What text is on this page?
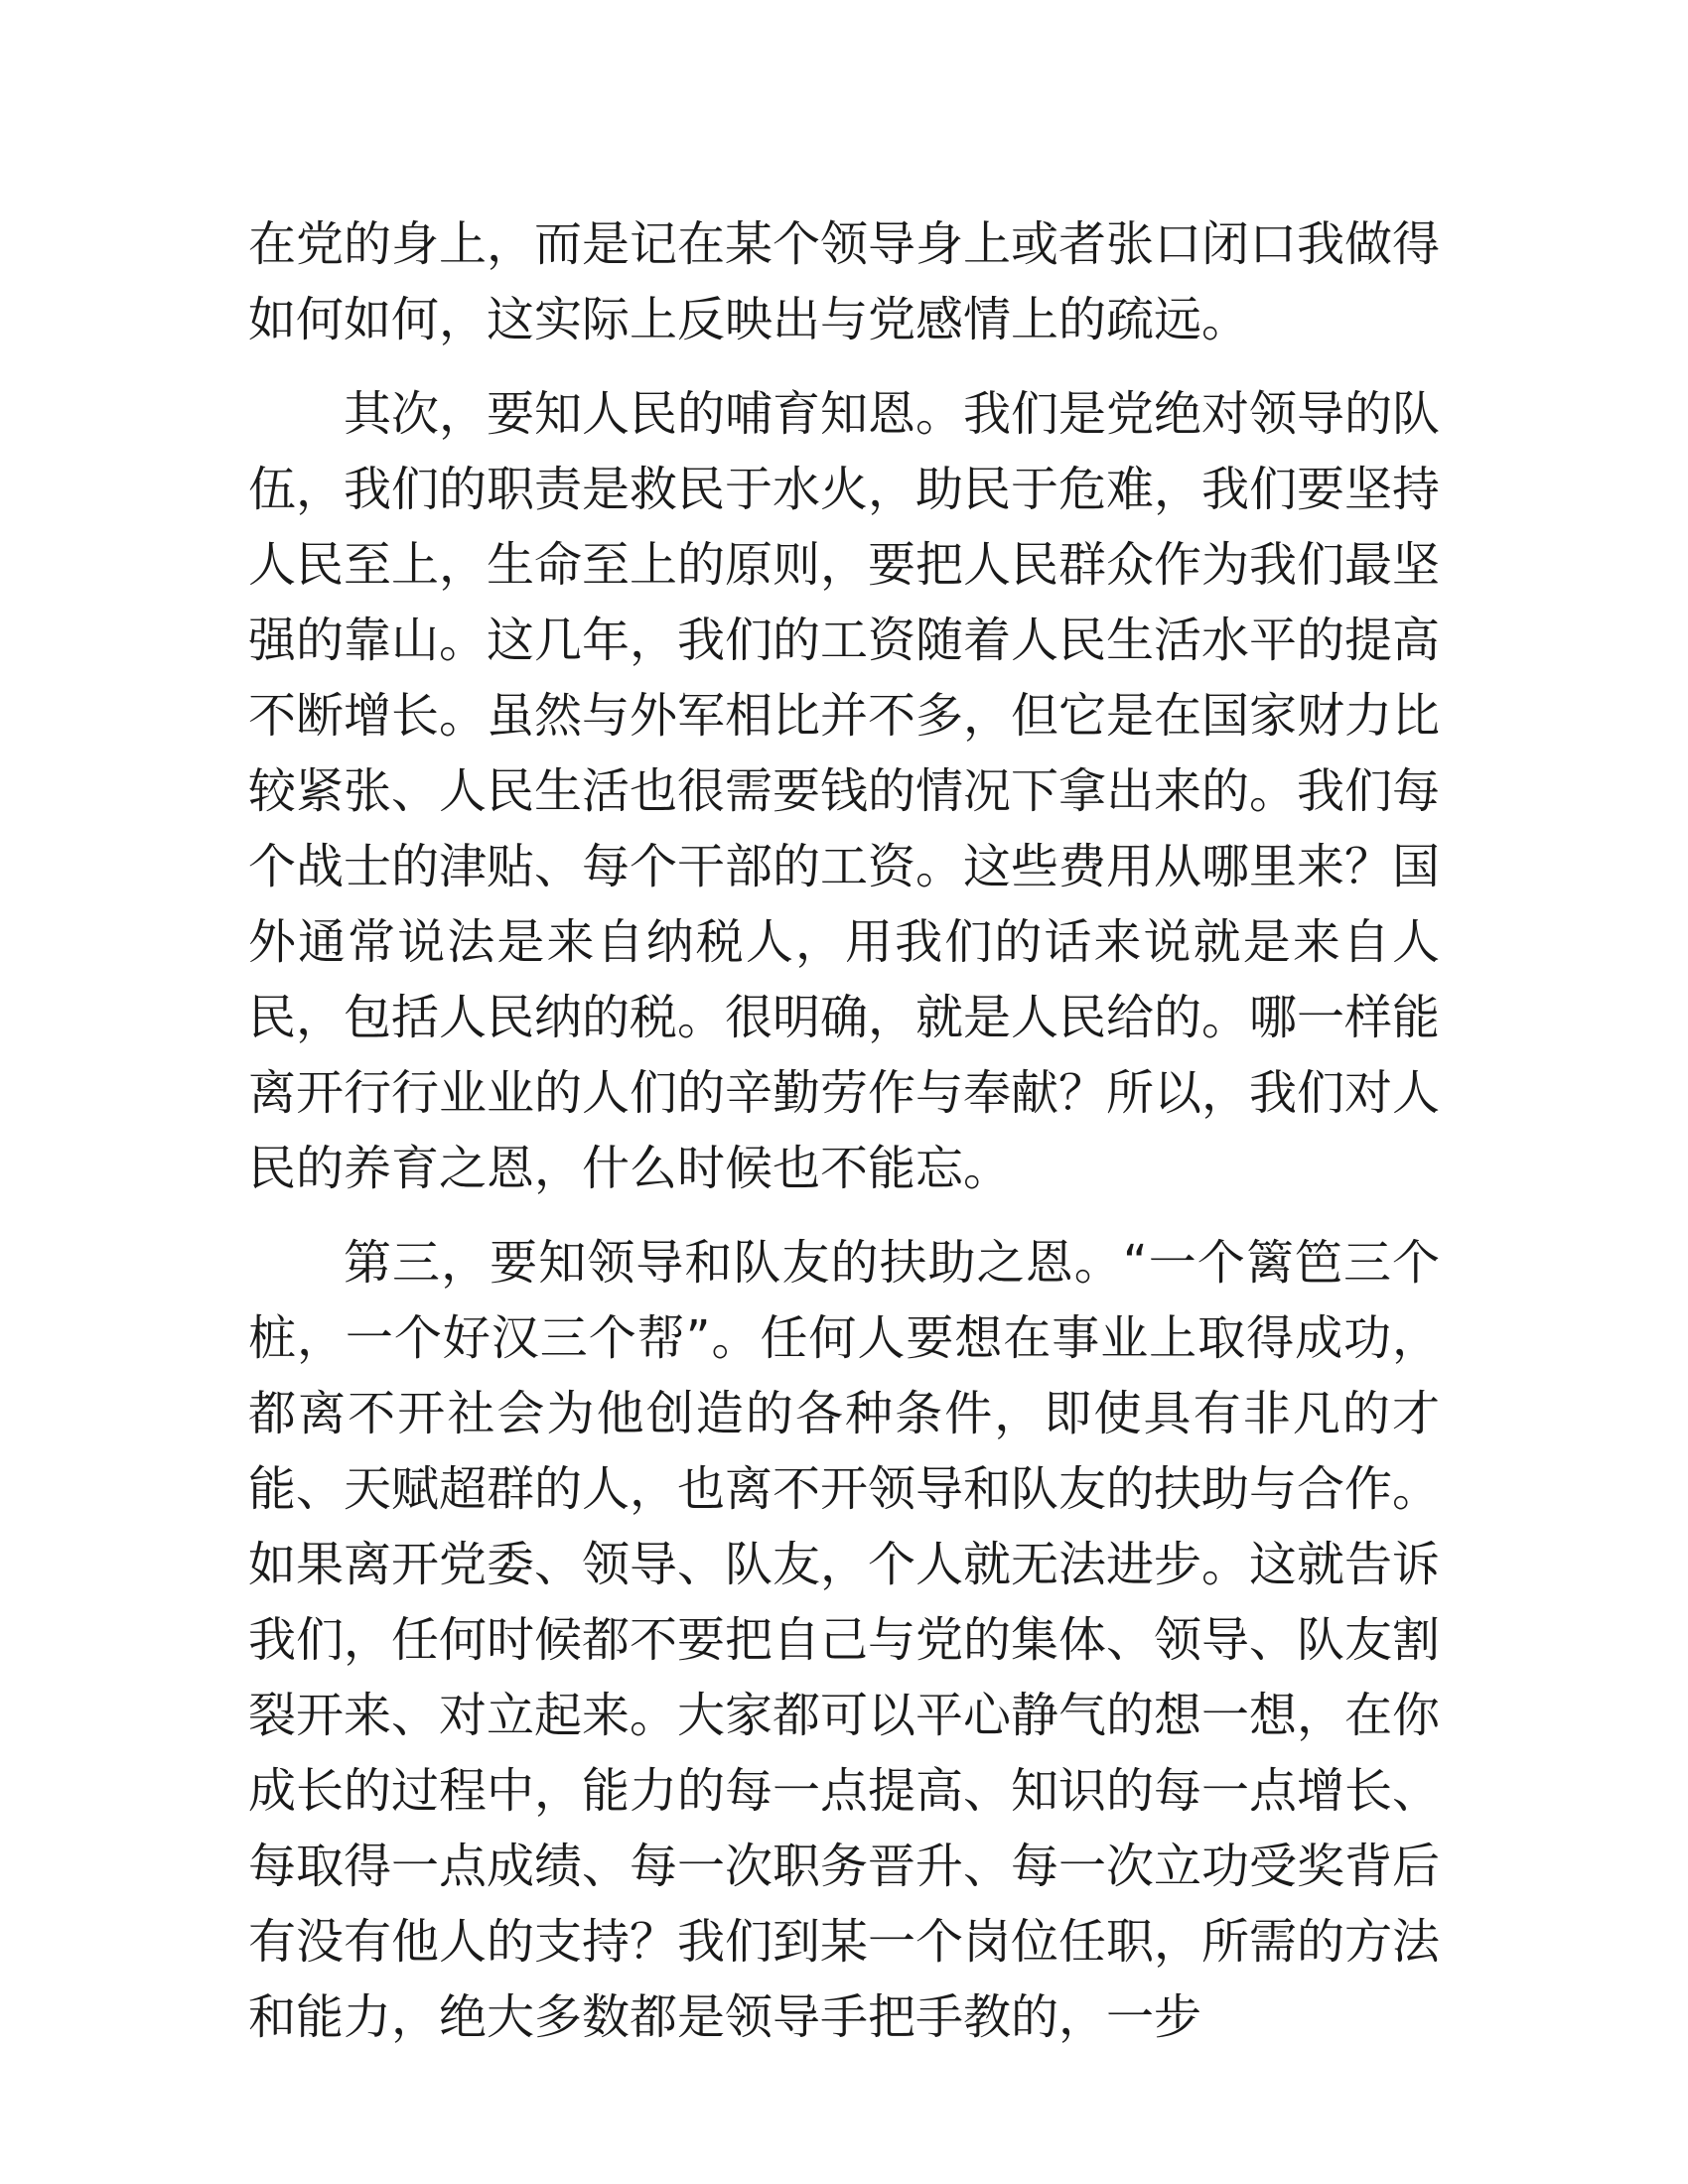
在党的身上，而是记在某个领导身上或者张口闭口我做得如何如何，这实际上反映出与党感情上的疏远。

其次，要知人民的哺育知恩。我们是党绝对领导的队伍，我们的职责是救民于水火，助民于危难，我们要坚持人民至上，生命至上的原则，要把人民群众作为我们最坚强的靠山。这几年，我们的工资随着人民生活水平的提高不断增长。虽然与外军相比并不多，但它是在国家财力比较紧张、人民生活也很需要钱的情况下拿出来的。我们每个战士的津贴、每个干部的工资。这些费用从哪里来？国外通常说法是来自纳税人，用我们的话来说就是来自人民，包括人民纳的税。很明确，就是人民给的。哪一样能离开行行业业的人们的辛勤劳作与奉献？所以，我们对人民的养育之恩，什么时候也不能忘。

第三，要知领导和队友的扶助之恩。“一个篱笆三个桩，一个好汉三个帮”。任何人要想在事业上取得成功，都离不开社会为他创造的各种条件，即使具有非凡的才能、天赋超群的人，也离不开领导和队友的扶助与合作。如果离开党委、领导、队友，个人就无法进步。这就告诉我们，任何时候都不要把自己与党的集体、领导、队友割裂开来、对立起来。大家都可以平心静气的想一想，在你成长的过程中，能力的每一点提高、知识的每一点增长、每取得一点成绩、每一次职务晋升、每一次立功受奖背后有没有他人的支持？我们到某一个岗位任职，所需的方法和能力，绝大多数都是领导手把手教的，一步
